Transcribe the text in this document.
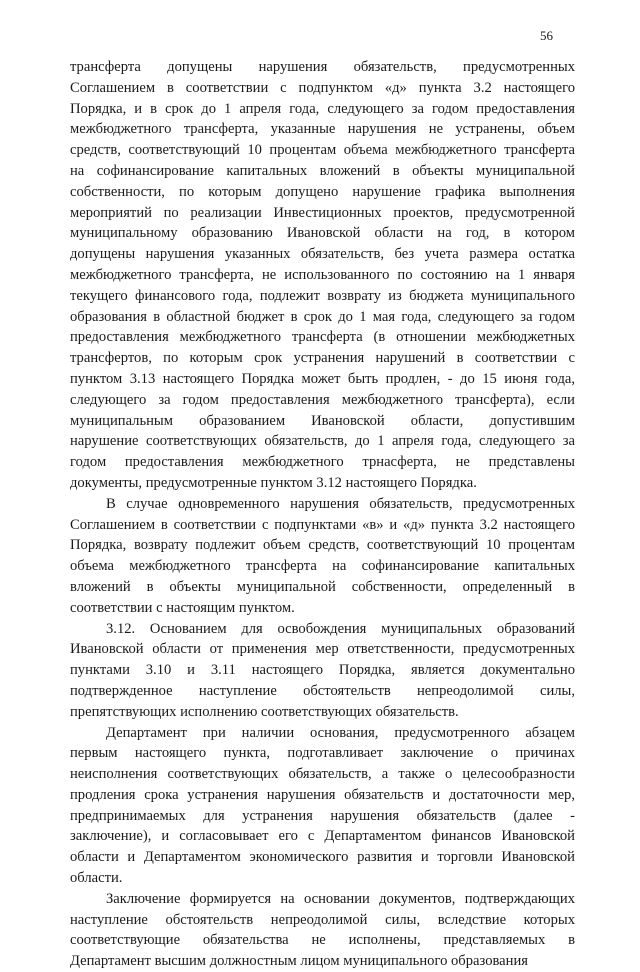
56

трансферта допущены нарушения обязательств, предусмотренных
Соглашением в соответствии с подпунктом «д» пункта 3.2 настоящего
Порядка, и в срок до 1 апреля года, следующего за годом предоставления
межбюджетного трансферта, указанные нарушения не устранены, объем
средств, соответствующий 10 процентам объема межбюджетного трансферта
на софинансирование капитальных вложений в объекты муниципальной
собственности, по которым допущено нарушение графика выполнения
мероприятий по реализации Инвестиционных проектов, предусмотренной
муниципальному образованию Ивановской области на год, в котором
допущены нарушения указанных обязательств, без учета размера остатка
межбюджетного трансферта, не использованного по состоянию на 1 января
текущего финансового года, подлежит возврату из бюджета муниципального
образования в областной бюджет в срок до 1 мая года, следующего за годом
предоставления межбюджетного трансферта (в отношении межбюджетных
трансфертов, по которым срок устранения нарушений в соответствии с
пунктом 3.13 настоящего Порядка может быть продлен, - до 15 июня года,
следующего за годом предоставления межбюджетного трансферта), если
муниципальным образованием Ивановской области, допустившим
нарушение соответствующих обязательств, до 1 апреля года, следующего за
годом предоставления межбюджетного трнасферта, не представлены
документы, предусмотренные пунктом 3.12 настоящего Порядка.

В случае одновременного нарушения обязательств, предусмотренных
Соглашением в соответствии с подпунктами «в» и «д» пункта 3.2 настоящего
Порядка, возврату подлежит объем средств, соответствующий 10 процентам
объема межбюджетного трансферта на софинансирование капитальных
вложений в объекты муниципальной собственности, определенный в
соответствии с настоящим пунктом.

3.12. Основанием для освобождения муниципальных образований
Ивановской области от применения мер ответственности, предусмотренных
пунктами 3.10 и 3.11 настоящего Порядка, является документально
подтвержденное наступление обстоятельств непреодолимой силы,
препятствующих исполнению соответствующих обязательств.

Департамент при наличии основания, предусмотренного абзацем
первым настоящего пункта, подготавливает заключение о причинах
неисполнения соответствующих обязательств, а также о целесообразности
продления срока устранения нарушения обязательств и достаточности мер,
предпринимаемых для устранения нарушения обязательств (далее -
заключение), и согласовывает его с Департаментом финансов Ивановской
области и Департаментом экономического развития и торговли Ивановской
области.

Заключение формируется на основании документов, подтверждающих
наступление обстоятельств непреодолимой силы, вследствие которых
соответствующие обязательства не исполнены, представляемых в
Департамент высшим должностным лицом муниципального образования
